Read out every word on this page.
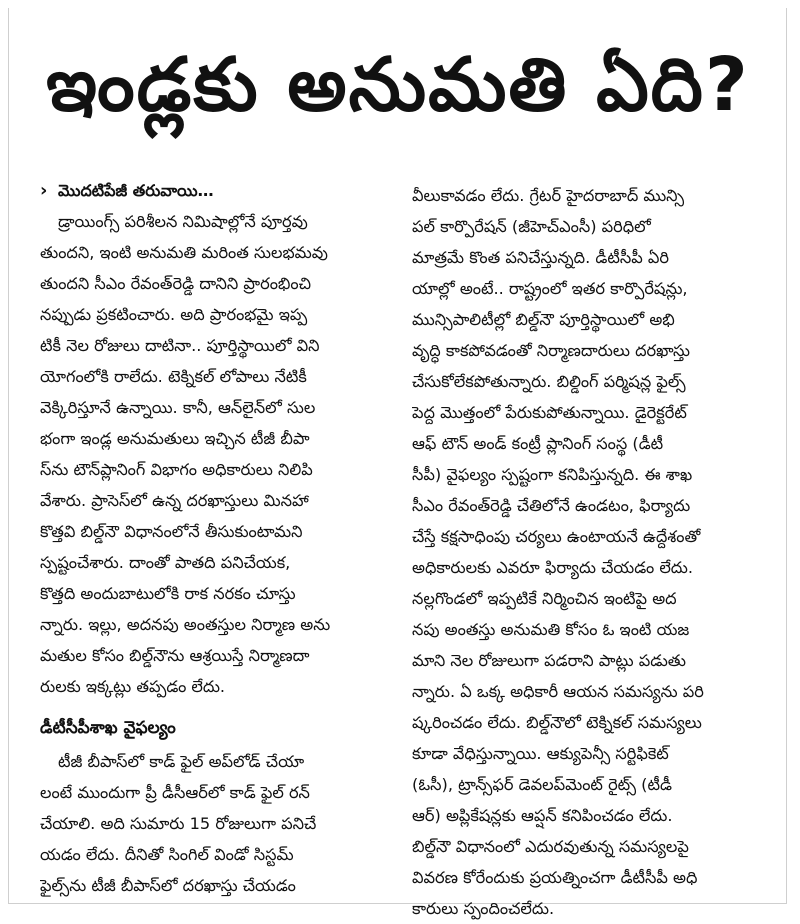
ఇండ్లకు అనుమతి ఏది?
› మొదటిపేజీ తరువాయి…
డ్రాయింగ్స్ పరిశీలన నిమిషాల్లోనే పూర్తవు
తుందని, ఇంటి అనుమతి మరింత సులభమవు
తుందని సీఎం రేవంత్‌రెడ్డి దానిని ప్రారంభించి
నప్పుడు ప్రకటించారు. అది ప్రారంభమై ఇప్ప
టికీ నెల రోజులు దాటినా.. పూర్తిస్థాయిలో విని
యోగంలోకి రాలేదు. టెక్నికల్ లోపాలు నేటికీ
వెక్కిరిస్తూనే ఉన్నాయి. కానీ, ఆన్‌లైన్‌లో సుల
భంగా ఇండ్ల అనుమతులు ఇచ్చిన టీజీ బీపా
స్‌ను టౌన్‌ప్లానింగ్ విభాగం అధికారులు నిలిపి
వేశారు. ప్రాసెస్‌లో ఉన్న దరఖాస్తులు మినహా
కొత్తవి బిల్డ్‌నౌ విధానంలోనే తీసుకుంటామని
స్పష్టంచేశారు. దాంతో పాతది పనిచేయక,
కొత్తది అందుబాటులోకి రాక నరకం చూస్తు
న్నారు. ఇల్లు, అదనపు అంతస్తుల నిర్మాణ అను
మతుల కోసం బిల్డ్‌నౌను ఆశ్రయిస్తే నిర్మాణదా
రులకు ఇక్కట్లు తప్పడం లేదు.
డీటీసీపీశాఖ వైఫల్యం
టీజీ బీపాస్‌లో కాడ్ ఫైల్ అప్‌లోడ్ చేయా
లంటే ముందుగా ప్రీ డీసీఆర్‌లో కాడ్ ఫైల్ రన్
చేయాలి. అది సుమారు 15 రోజులుగా పనిచే
యడం లేదు. దీనితో సింగిల్ విండో సిస్టమ్
ఫైల్స్‌ను టీజీ బీపాస్‌లో దరఖాస్తు చేయడం
వీలుకావడం లేదు. గ్రేటర్ హైదరాబాద్ మున్సి
పల్ కార్పొరేషన్ (జీహెచ్‌ఎంసీ) పరిధిలో
మాత్రమే కొంత పనిచేస్తున్నది. డీటీసీపీ ఏరి
యాల్లో అంటే.. రాష్ట్రంలో ఇతర కార్పొరేషన్లు,
మున్సిపాలిటీల్లో బిల్డ్‌నౌ పూర్తిస్థాయిలో అభి
వృద్ధి కాకపోవడంతో నిర్మాణదారులు దరఖాస్తు
చేసుకోలేకపోతున్నారు. బిల్డింగ్ పర్మిషన్ల ఫైల్స్
పెద్ద మొత్తంలో పేరుకుపోతున్నాయి. డైరెక్టరేట్
ఆఫ్ టౌన్ అండ్ కంట్రీ ప్లానింగ్ సంస్థ (డీటీ
సీపీ) వైఫల్యం స్పష్టంగా కనిపిస్తున్నది. ఈ శాఖ
సీఎం రేవంత్‌రెడ్డి చేతిలోనే ఉండటం, ఫిర్యాదు
చేస్తే కక్షసాధింపు చర్యలు ఉంటాయనే ఉద్దేశంతో
అధికారులకు ఎవరూ ఫిర్యాదు చేయడం లేదు.
నల్లగొండలో ఇప్పటికే నిర్మించిన ఇంటిపై అద
నపు అంతస్తు అనుమతి కోసం ఓ ఇంటి యజ
మాని నెల రోజులుగా పడరాని పాట్లు పడుతు
న్నారు. ఏ ఒక్క అధికారీ ఆయన సమస్యను పరి
ష్కరించడం లేదు. బిల్డ్‌నౌలో టెక్నికల్ సమస్యలు
కూడా వేధిస్తున్నాయి. ఆక్యుపెన్సీ సర్టిఫికెట్
(ఓసీ), ట్రాన్స్‌ఫర్ డెవలప్‌మెంట్ రైట్స్ (టీడీ
ఆర్) అప్లికేషన్లకు ఆప్షన్ కనిపించడం లేదు.
బిల్డ్‌నౌ విధానంలో ఎదురవుతున్న సమస్యలపై
వివరణ కోరేందుకు ప్రయత్నించగా డీటీసీపీ అధి
కారులు స్పందించలేదు.
